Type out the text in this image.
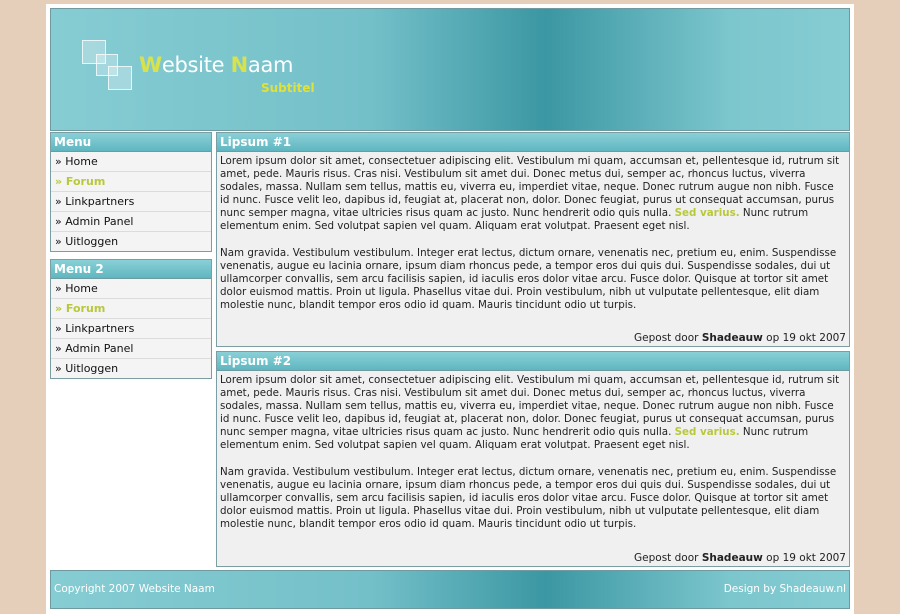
Website Naam
Subtitel
Menu
» Home
» Forum
» Linkpartners
» Admin Panel
» Uitloggen
Menu 2
» Home
» Forum
» Linkpartners
» Admin Panel
» Uitloggen
Lipsum #1

Lorem ipsum dolor sit amet, consectetuer adipiscing elit. Vestibulum mi quam, accumsan et, pellentesque id, rutrum sit amet, pede. Mauris risus. Cras nisi. Vestibulum sit amet dui. Donec metus dui, semper ac, rhoncus luctus, viverra sodales, massa. Nullam sem tellus, mattis eu, viverra eu, imperdiet vitae, neque. Donec rutrum augue non nibh. Fusce id nunc. Fusce velit leo, dapibus id, feugiat at, placerat non, dolor. Donec feugiat, purus ut consequat accumsan, purus nunc semper magna, vitae ultricies risus quam ac justo. Nunc hendrerit odio quis nulla. Sed varius. Nunc rutrum elementum enim. Sed volutpat sapien vel quam. Aliquam erat volutpat. Praesent eget nisl.

Nam gravida. Vestibulum vestibulum. Integer erat lectus, dictum ornare, venenatis nec, pretium eu, enim. Suspendisse venenatis, augue eu lacinia ornare, ipsum diam rhoncus pede, a tempor eros dui quis dui. Suspendisse sodales, dui ut ullamcorper convallis, sem arcu facilisis sapien, id iaculis eros dolor vitae arcu. Fusce dolor. Quisque at tortor sit amet dolor euismod mattis. Proin ut ligula. Phasellus vitae dui. Proin vestibulum, nibh ut vulputate pellentesque, elit diam molestie nunc, blandit tempor eros odio id quam. Mauris tincidunt odio ut turpis.

Gepost door Shadeauw op 19 okt 2007
Lipsum #2

Lorem ipsum dolor sit amet, consectetuer adipiscing elit. Vestibulum mi quam, accumsan et, pellentesque id, rutrum sit amet, pede. Mauris risus. Cras nisi. Vestibulum sit amet dui. Donec metus dui, semper ac, rhoncus luctus, viverra sodales, massa. Nullam sem tellus, mattis eu, viverra eu, imperdiet vitae, neque. Donec rutrum augue non nibh. Fusce id nunc. Fusce velit leo, dapibus id, feugiat at, placerat non, dolor. Donec feugiat, purus ut consequat accumsan, purus nunc semper magna, vitae ultricies risus quam ac justo. Nunc hendrerit odio quis nulla. Sed varius. Nunc rutrum elementum enim. Sed volutpat sapien vel quam. Aliquam erat volutpat. Praesent eget nisl.

Nam gravida. Vestibulum vestibulum. Integer erat lectus, dictum ornare, venenatis nec, pretium eu, enim. Suspendisse venenatis, augue eu lacinia ornare, ipsum diam rhoncus pede, a tempor eros dui quis dui. Suspendisse sodales, dui ut ullamcorper convallis, sem arcu facilisis sapien, id iaculis eros dolor vitae arcu. Fusce dolor. Quisque at tortor sit amet dolor euismod mattis. Proin ut ligula. Phasellus vitae dui. Proin vestibulum, nibh ut vulputate pellentesque, elit diam molestie nunc, blandit tempor eros odio id quam. Mauris tincidunt odio ut turpis.

Gepost door Shadeauw op 19 okt 2007
Copyright 2007 Website Naam	Design by Shadeauw.nl
